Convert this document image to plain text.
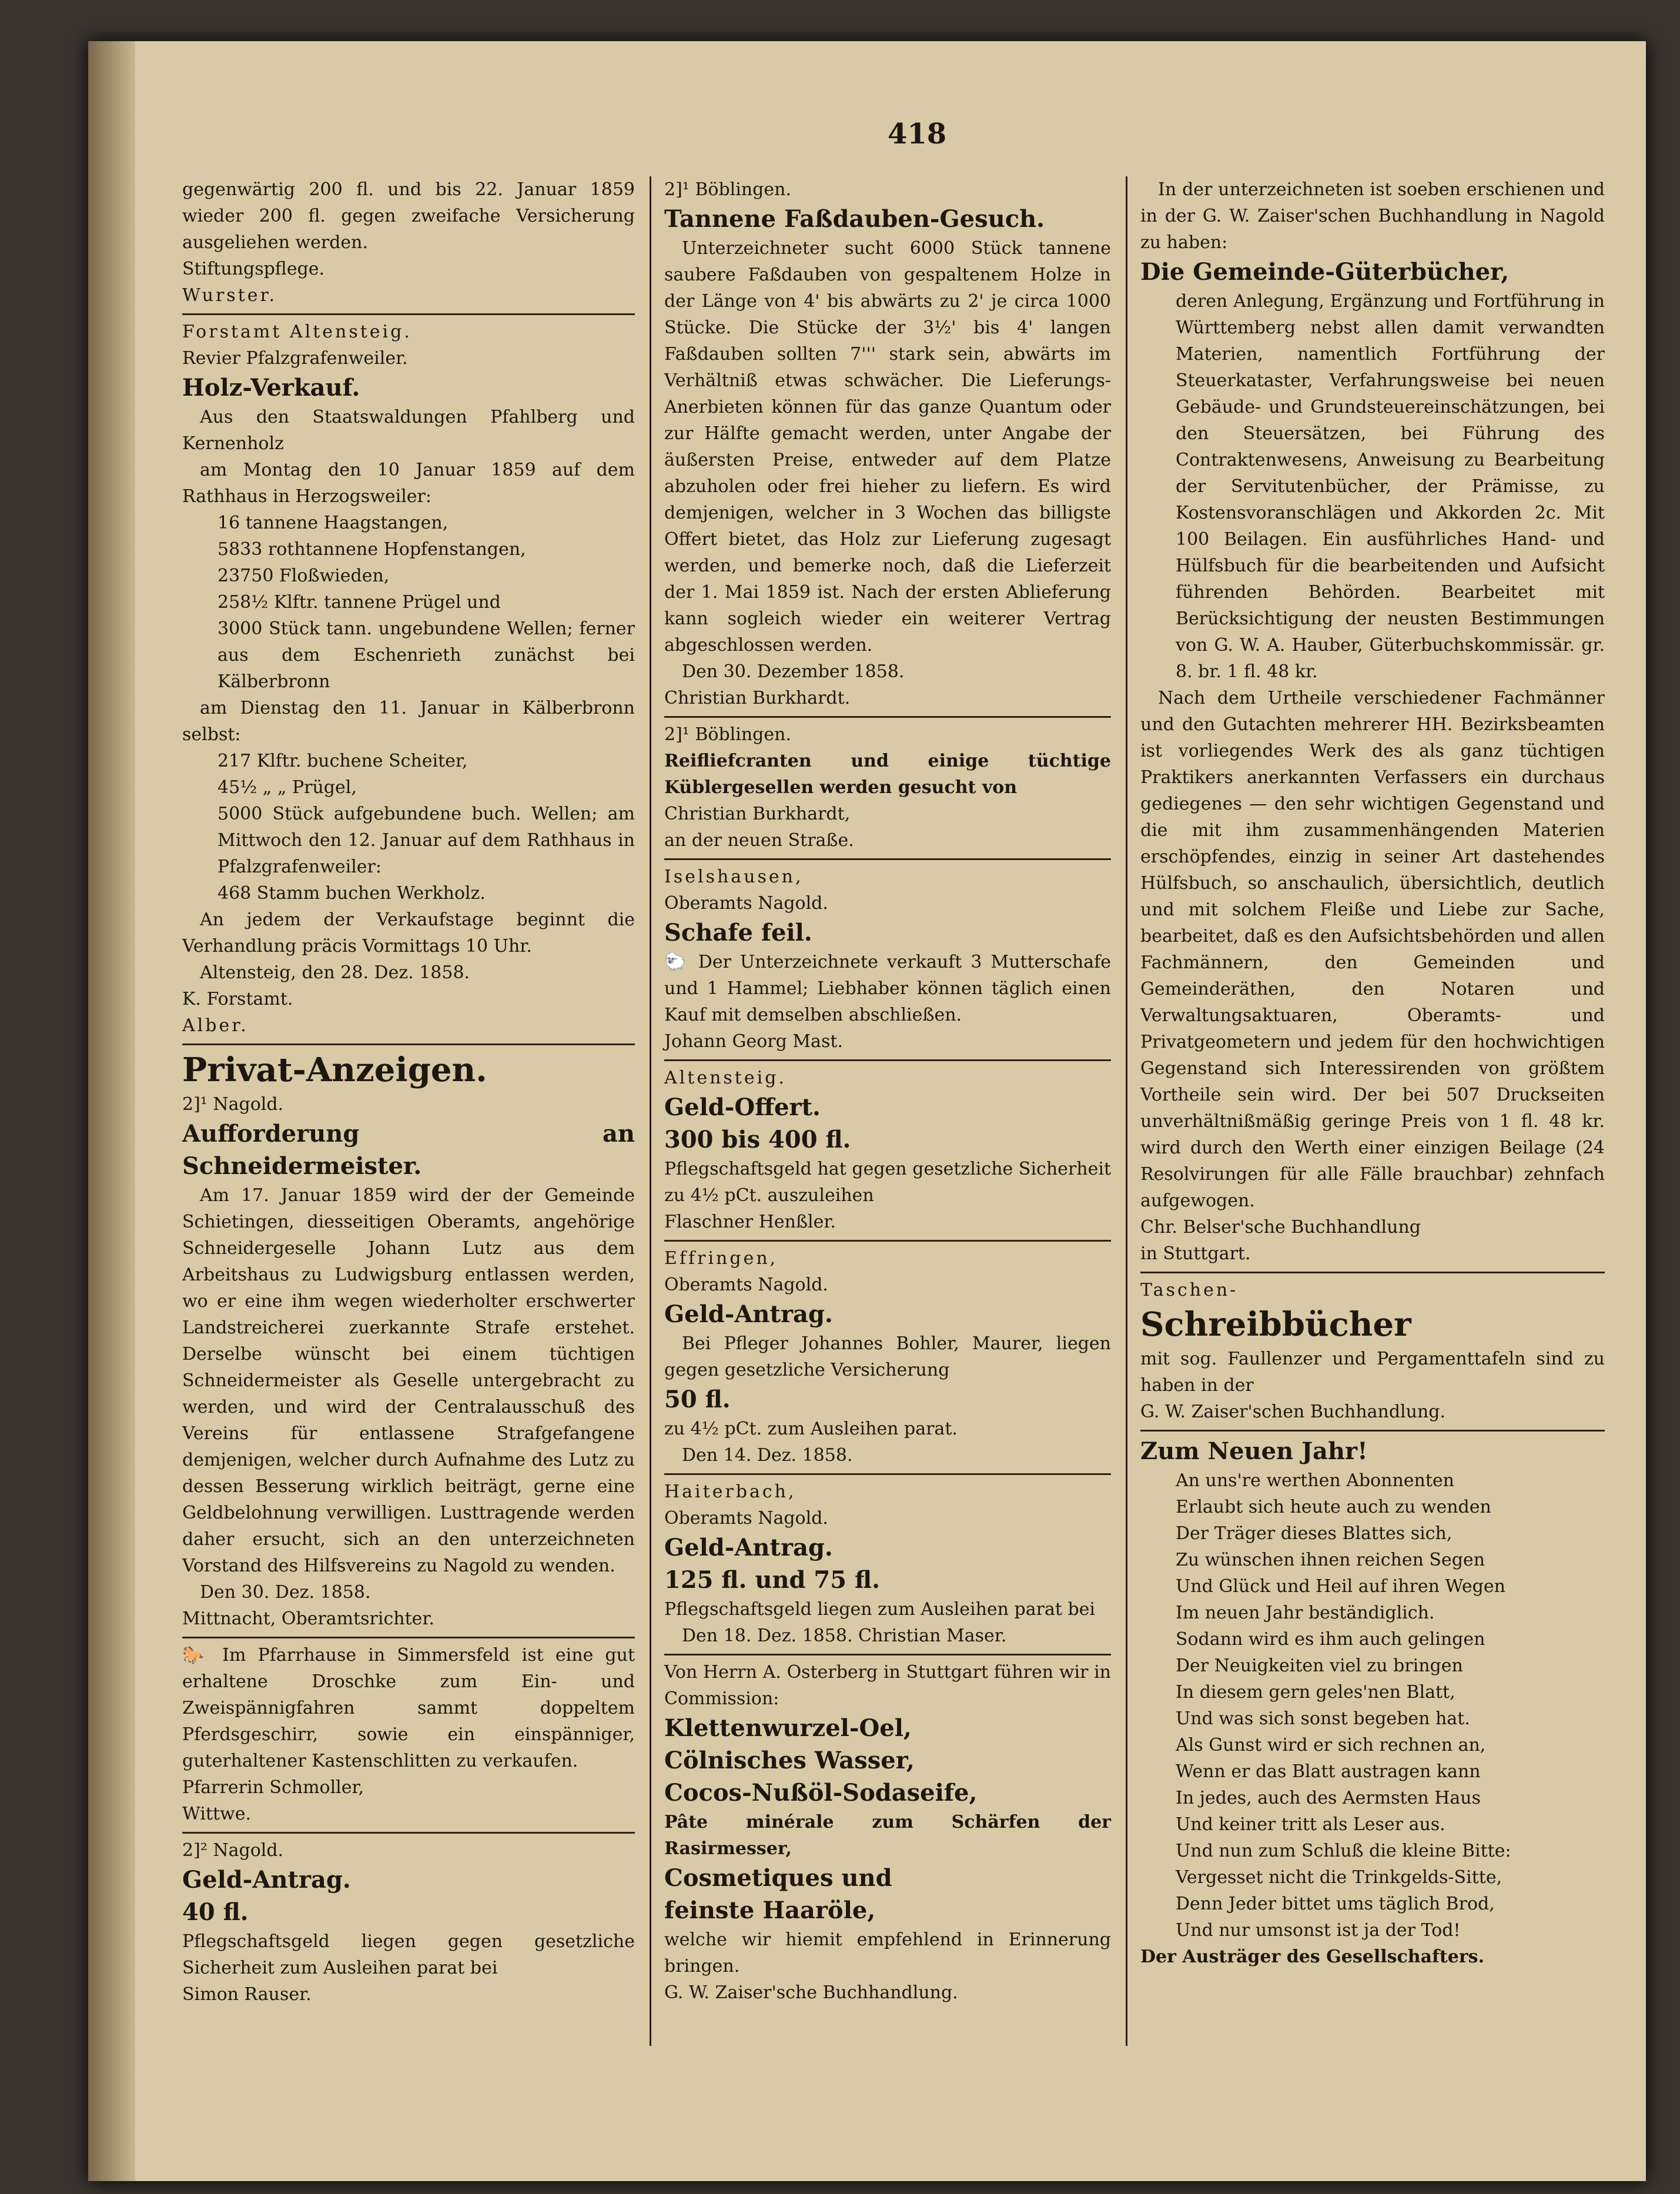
418

gegenwärtig 200 fl. und bis 22. Januar 1859 wieder 200 fl. gegen zweifache Versicherung ausgeliehen werden.

Stiftungspflege.

Wurster.

Forstamt Altensteig.

Revier Pfalzgrafenweiler.

Holz-Verkauf.

Aus den Staatswaldungen Pfahlberg und Kernenholz

am Montag den 10 Januar 1859 auf dem Rathhaus in Herzogsweiler:

16 tannene Haagstangen,

5833 rothtannene Hopfenstangen,

23750 Floßwieden,

258½ Klftr. tannene Prügel und

3000 Stück tann. ungebundene Wellen; ferner aus dem Eschenrieth zunächst bei Kälberbronn

am Dienstag den 11. Januar in Kälberbronn selbst:

217 Klftr. buchene Scheiter,

45½ „ „ Prügel,

5000 Stück aufgebundene buch. Wellen; am Mittwoch den 12. Januar auf dem Rathhaus in Pfalzgrafenweiler:

468 Stamm buchen Werkholz.

An jedem der Verkaufstage beginnt die Verhandlung präcis Vormittags 10 Uhr.

Altensteig, den 28. Dez. 1858.

K. Forstamt.

Alber.

Privat-Anzeigen.

2]¹ Nagold.

Aufforderung an Schneidermeister.

Am 17. Januar 1859 wird der der Gemeinde Schietingen, diesseitigen Oberamts, angehörige Schneidergeselle Johann Lutz aus dem Arbeitshaus zu Ludwigsburg entlassen werden, wo er eine ihm wegen wiederholter erschwerter Landstreicherei zuerkannte Strafe erstehet. Derselbe wünscht bei einem tüchtigen Schneidermeister als Geselle untergebracht zu werden, und wird der Centralausschuß des Vereins für entlassene Strafgefangene demjenigen, welcher durch Aufnahme des Lutz zu dessen Besserung wirklich beiträgt, gerne eine Geldbelohnung verwilligen. Lusttragende werden daher ersucht, sich an den unterzeichneten Vorstand des Hilfsvereins zu Nagold zu wenden.

Den 30. Dez. 1858.

Mittnacht, Oberamtsrichter.

🐎 Im Pfarrhause in Simmersfeld ist eine gut erhaltene Droschke zum Ein- und Zweispännigfahren sammt doppeltem Pferdsgeschirr, sowie ein einspänniger, guterhaltener Kastenschlitten zu verkaufen.

Pfarrerin Schmoller,

Wittwe.

2]² Nagold.

Geld-Antrag.

40 fl.

Pflegschaftsgeld liegen gegen gesetzliche Sicherheit zum Ausleihen parat bei

Simon Rauser.

2]¹ Böblingen.

Tannene Faßdauben-Gesuch.

Unterzeichneter sucht 6000 Stück tannene saubere Faßdauben von gespaltenem Holze in der Länge von 4' bis abwärts zu 2' je circa 1000 Stücke. Die Stücke der 3½' bis 4' langen Faßdauben sollten 7''' stark sein, abwärts im Verhältniß etwas schwächer. Die Lieferungs-Anerbieten können für das ganze Quantum oder zur Hälfte gemacht werden, unter Angabe der äußersten Preise, entweder auf dem Platze abzuholen oder frei hieher zu liefern. Es wird demjenigen, welcher in 3 Wochen das billigste Offert bietet, das Holz zur Lieferung zugesagt werden, und bemerke noch, daß die Lieferzeit der 1. Mai 1859 ist. Nach der ersten Ablieferung kann sogleich wieder ein weiterer Vertrag abgeschlossen werden.

Den 30. Dezember 1858.

Christian Burkhardt.

2]¹ Böblingen.

Reifliefcranten und einige tüchtige Küblergesellen werden gesucht von

Christian Burkhardt,

an der neuen Straße.

Iselshausen,

Oberamts Nagold.

Schafe feil.

🐑 Der Unterzeichnete verkauft 3 Mutterschafe und 1 Hammel; Liebhaber können täglich einen Kauf mit demselben abschließen.

Johann Georg Mast.

Altensteig.

Geld-Offert.

300 bis 400 fl.

Pflegschaftsgeld hat gegen gesetzliche Sicherheit zu 4½ pCt. auszuleihen

Flaschner Henßler.

Effringen,

Oberamts Nagold.

Geld-Antrag.

Bei Pfleger Johannes Bohler, Maurer, liegen gegen gesetzliche Versicherung

50 fl.

zu 4½ pCt. zum Ausleihen parat.

Den 14. Dez. 1858.

Haiterbach,

Oberamts Nagold.

Geld-Antrag.

125 fl. und 75 fl.

Pflegschaftsgeld liegen zum Ausleihen parat bei

Den 18. Dez. 1858. Christian Maser.

Von Herrn A. Osterberg in Stuttgart führen wir in Commission:

Klettenwurzel-Oel,

Cölnisches Wasser,

Cocos-Nußöl-Sodaseife,

Pâte minérale zum Schärfen der Rasirmesser,

Cosmetiques und

feinste Haaröle,

welche wir hiemit empfehlend in Erinnerung bringen.

G. W. Zaiser'sche Buchhandlung.

In der unterzeichneten ist soeben erschienen und in der G. W. Zaiser'schen Buchhandlung in Nagold zu haben:

Die Gemeinde-Güterbücher,

deren Anlegung, Ergänzung und Fortführung in Württemberg nebst allen damit verwandten Materien, namentlich Fortführung der Steuerkataster, Verfahrungsweise bei neuen Gebäude- und Grundsteuereinschätzungen, bei den Steuersätzen, bei Führung des Contraktenwesens, Anweisung zu Bearbeitung der Servitutenbücher, der Prämisse, zu Kostensvoranschlägen und Akkorden 2c. Mit 100 Beilagen. Ein ausführliches Hand- und Hülfsbuch für die bearbeitenden und Aufsicht führenden Behörden. Bearbeitet mit Berücksichtigung der neusten Bestimmungen von G. W. A. Hauber, Güterbuchskommissär. gr. 8. br. 1 fl. 48 kr.

Nach dem Urtheile verschiedener Fachmänner und den Gutachten mehrerer HH. Bezirksbeamten ist vorliegendes Werk des als ganz tüchtigen Praktikers anerkannten Verfassers ein durchaus gediegenes — den sehr wichtigen Gegenstand und die mit ihm zusammenhängenden Materien erschöpfendes, einzig in seiner Art dastehendes Hülfsbuch, so anschaulich, übersichtlich, deutlich und mit solchem Fleiße und Liebe zur Sache, bearbeitet, daß es den Aufsichtsbehörden und allen Fachmännern, den Gemeinden und Gemeinderäthen, den Notaren und Verwaltungsaktuaren, Oberamts- und Privatgeometern und jedem für den hochwichtigen Gegenstand sich Interessirenden von größtem Vortheile sein wird. Der bei 507 Druckseiten unverhältnißmäßig geringe Preis von 1 fl. 48 kr. wird durch den Werth einer einzigen Beilage (24 Resolvirungen für alle Fälle brauchbar) zehnfach aufgewogen.

Chr. Belser'sche Buchhandlung

in Stuttgart.

Taschen-

Schreibbücher

mit sog. Faullenzer und Pergamenttafeln sind zu haben in der

G. W. Zaiser'schen Buchhandlung.

Zum Neuen Jahr!

An uns're werthen Abonnenten

Erlaubt sich heute auch zu wenden

Der Träger dieses Blattes sich,

Zu wünschen ihnen reichen Segen

Und Glück und Heil auf ihren Wegen

Im neuen Jahr beständiglich.

Sodann wird es ihm auch gelingen

Der Neuigkeiten viel zu bringen

In diesem gern geles'nen Blatt,

Und was sich sonst begeben hat.

Als Gunst wird er sich rechnen an,

Wenn er das Blatt austragen kann

In jedes, auch des Aermsten Haus

Und keiner tritt als Leser aus.

Und nun zum Schluß die kleine Bitte:

Vergesset nicht die Trinkgelds-Sitte,

Denn Jeder bittet ums täglich Brod,

Und nur umsonst ist ja der Tod!

Der Austräger des Gesellschafters.
